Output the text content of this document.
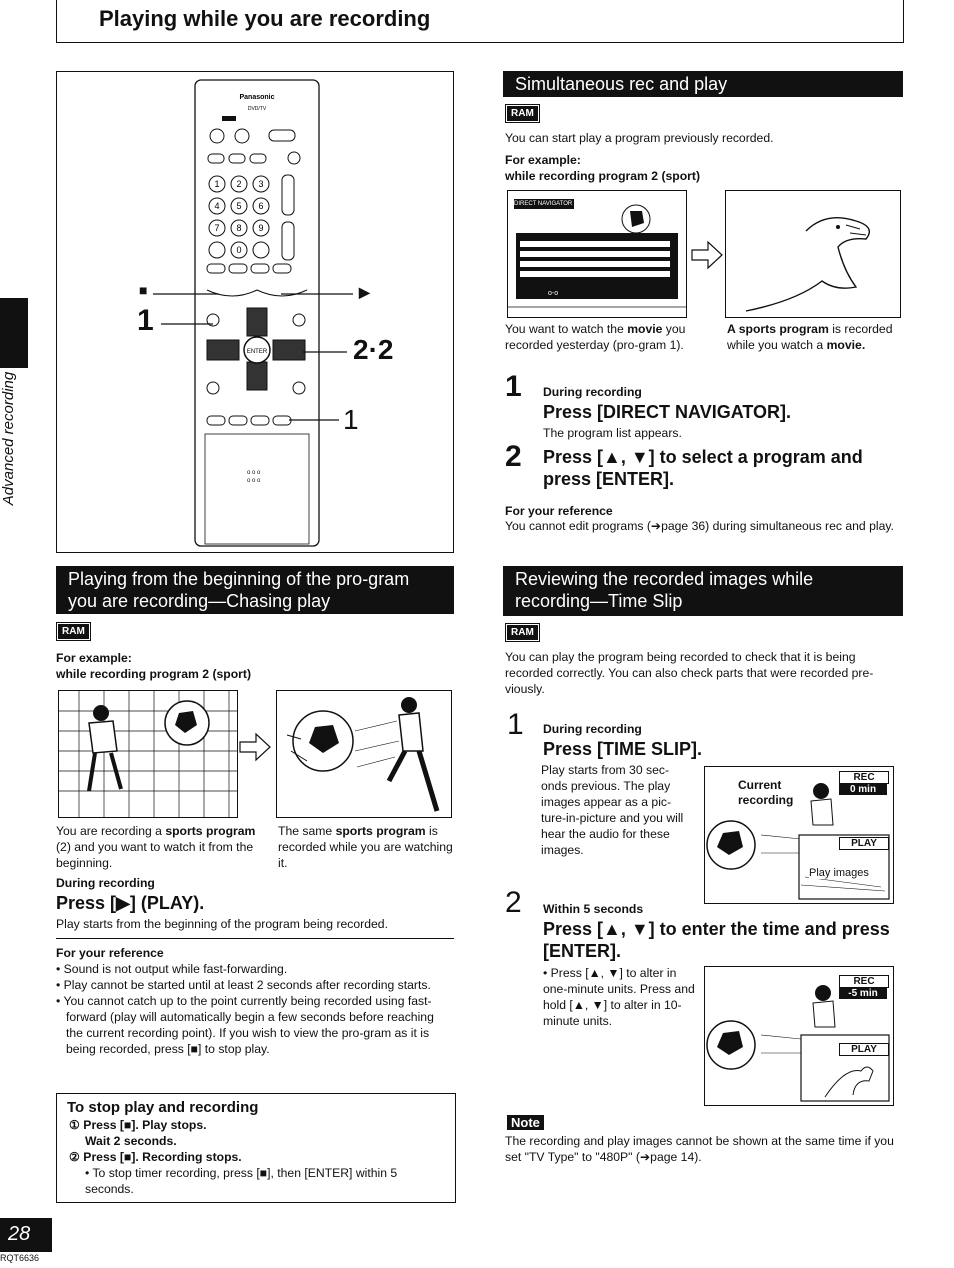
Playing while you are recording
Advanced recording
Panasonic
DVD/TV
1 2 3
4 5 6
7 8 9
0
ENTER
o o o
o o o
■
1
▶
2·2
1
Playing from the beginning of the pro-gram you are recording—Chasing play
RAM
For example:
while recording program 2 (sport)
You are recording a sports program (2) and you want to watch it from the beginning.
The same sports program is recorded while you are watching it.
During recording
Press [▶] (PLAY).
Play starts from the beginning of the program being recorded.
For your reference
• Sound is not output while fast-forwarding.
• Play cannot be started until at least 2 seconds after recording starts.
• You cannot catch up to the point currently being recorded using fast-forward (play will automatically begin a few seconds before reaching the current recording point). If you wish to view the pro-gram as it is being recorded, press [■] to stop play.
To stop play and recording
① Press [■]. Play stops.
Wait 2 seconds.
② Press [■]. Recording stops.
• To stop timer recording, press [■], then [ENTER] within 5 seconds.
Simultaneous rec and play
RAM
You can start play a program previously recorded.
For example:
while recording program 2 (sport)
DIRECT NAVIGATOR
o-o
You want to watch the movie you recorded yesterday (pro-gram 1).
A sports program is recorded while you watch a movie.
1 During recording
Press [DIRECT NAVIGATOR].
The program list appears.
2 Press [▲, ▼] to select a program and press [ENTER].
For your reference
You cannot edit programs (➔page 36) during simultaneous rec and play.
Reviewing the recorded images while recording—Time Slip
RAM
You can play the program being recorded to check that it is being recorded correctly. You can also check parts that were recorded pre-viously.
1 During recording
Press [TIME SLIP].
Play starts from 30 sec-onds previous. The play images appear as a pic-ture-in-picture and you will hear the audio for these images.
Current recording
REC
0 min
PLAY
Play images
2 Within 5 seconds
Press [▲, ▼] to enter the time and press [ENTER].
• Press [▲, ▼] to alter in one-minute units. Press and hold [▲, ▼] to alter in 10-minute units.
REC
-5 min
PLAY
Note
The recording and play images cannot be shown at the same time if you set "TV Type" to "480P" (➔page 14).
28
RQT6636
